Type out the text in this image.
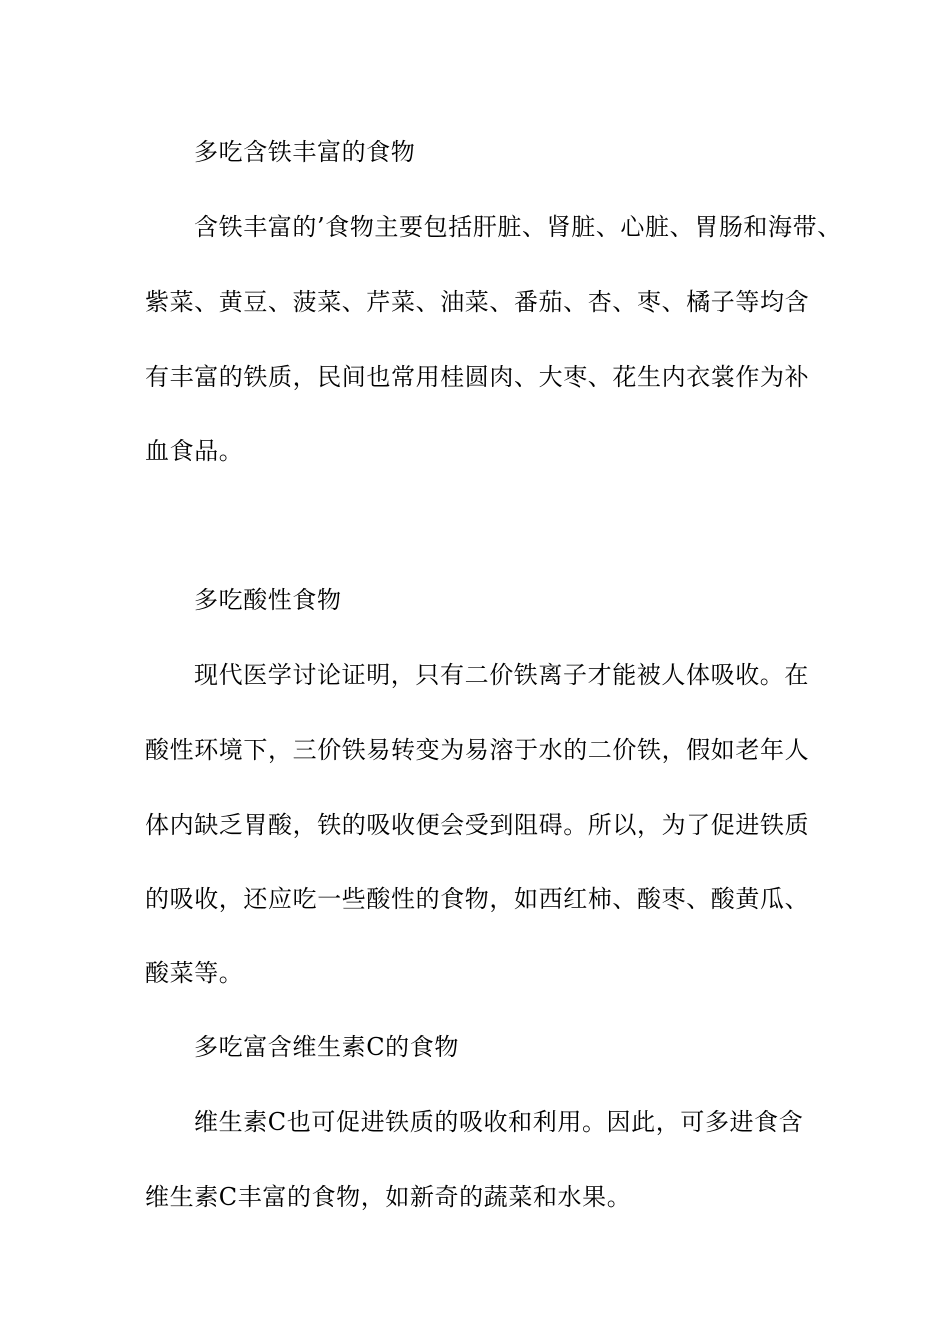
多吃含铁丰富的食物
含铁丰富的’食物主要包括肝脏、肾脏、心脏、胃肠和海带、
紫菜、黄豆、菠菜、芹菜、油菜、番茄、杏、枣、橘子等均含
有丰富的铁质，民间也常用桂圆肉、大枣、花生内衣裳作为补
血食品。
多吃酸性食物
现代医学讨论证明，只有二价铁离子才能被人体吸收。在
酸性环境下，三价铁易转变为易溶于水的二价铁，假如老年人
体内缺乏胃酸，铁的吸收便会受到阻碍。所以，为了促进铁质
的吸收，还应吃一些酸性的食物，如西红柿、酸枣、酸黄瓜、
酸菜等。
多吃富含维生素C的食物
维生素C也可促进铁质的吸收和利用。因此，可多进食含
维生素C丰富的食物，如新奇的蔬菜和水果。
